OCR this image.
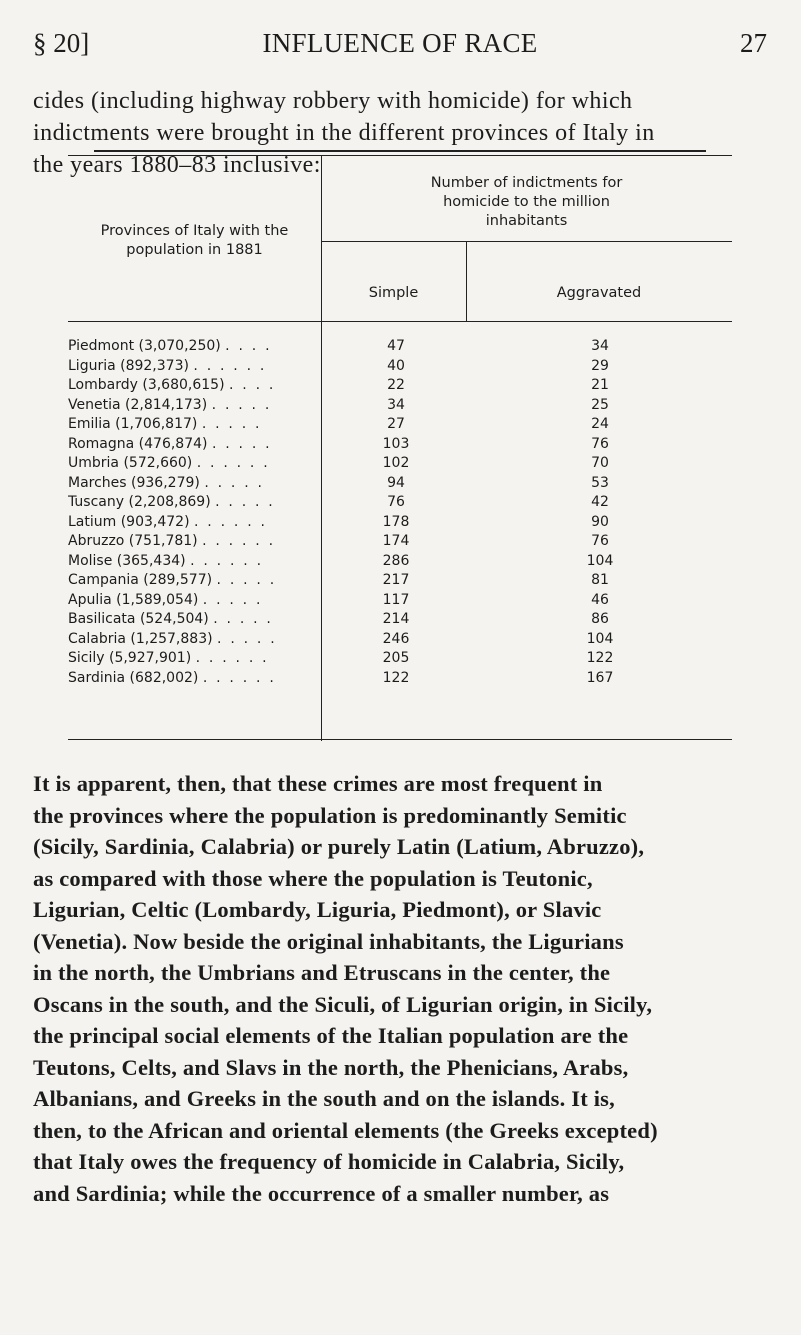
§ 20]	INFLUENCE OF RACE	27
cides (including highway robbery with homicide) for which
indictments were brought in the different provinces of Italy in
the years 1880–83 inclusive:
Provinces of Italy with the
population in 1881
Number of indictments for
homicide to the million
inhabitants
Simple	Aggravated
Piedmont (3,070,250) . . . .	47	34
Liguria (892,373) . . . . . .	40	29
Lombardy (3,680,615) . . . .	22	21
Venetia (2,814,173) . . . . .	34	25
Emilia (1,706,817) . . . . .	27	24
Romagna (476,874) . . . . .	103	76
Umbria (572,660) . . . . . .	102	70
Marches (936,279) . . . . .	94	53
Tuscany (2,208,869) . . . . .	76	42
Latium (903,472) . . . . . .	178	90
Abruzzo (751,781) . . . . . .	174	76
Molise (365,434) . . . . . .	286	104
Campania (289,577) . . . . .	217	81
Apulia (1,589,054) . . . . .	117	46
Basilicata (524,504) . . . . .	214	86
Calabria (1,257,883) . . . . .	246	104
Sicily (5,927,901) . . . . . .	205	122
Sardinia (682,002) . . . . . .	122	167
It is apparent, then, that these crimes are most frequent in
the provinces where the population is predominantly Semitic
(Sicily, Sardinia, Calabria) or purely Latin (Latium, Abruzzo),
as compared with those where the population is Teutonic,
Ligurian, Celtic (Lombardy, Liguria, Piedmont), or Slavic
(Venetia). Now beside the original inhabitants, the Ligurians
in the north, the Umbrians and Etruscans in the center, the
Oscans in the south, and the Siculi, of Ligurian origin, in Sicily,
the principal social elements of the Italian population are the
Teutons, Celts, and Slavs in the north, the Phenicians, Arabs,
Albanians, and Greeks in the south and on the islands. It is,
then, to the African and oriental elements (the Greeks excepted)
that Italy owes the frequency of homicide in Calabria, Sicily,
and Sardinia; while the occurrence of a smaller number, as
